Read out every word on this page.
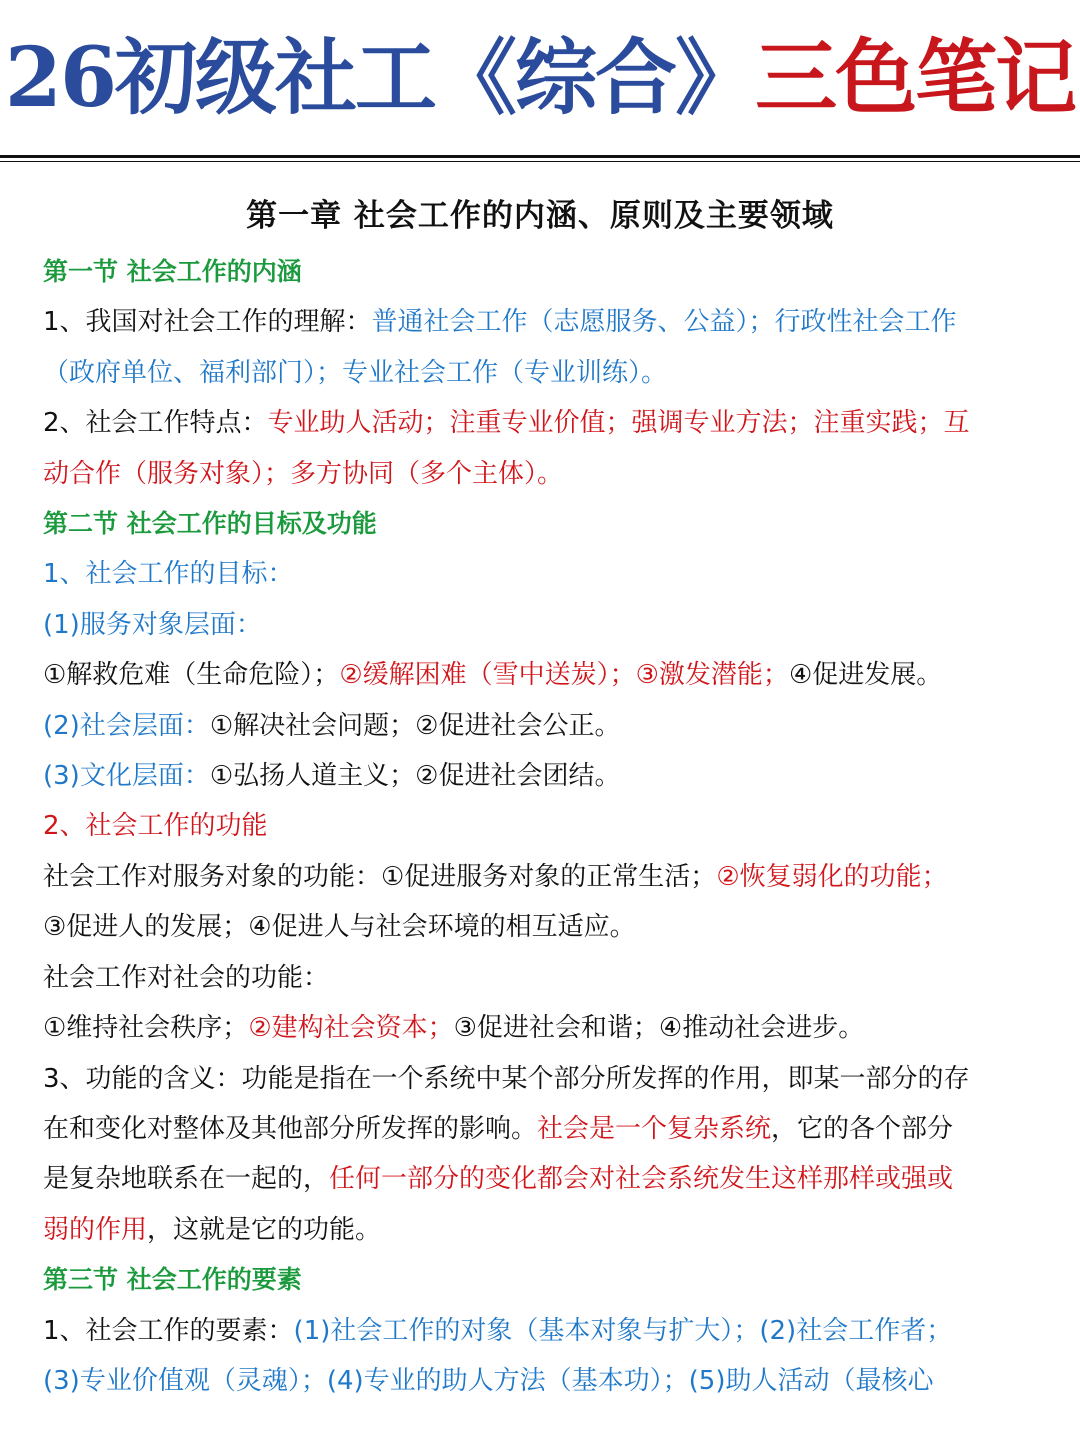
26初级社工《综合》三色笔记
第一章 社会工作的内涵、原则及主要领域
第一节 社会工作的内涵
1、我国对社会工作的理解：普通社会工作（志愿服务、公益）；行政性社会工作
（政府单位、福利部门）；专业社会工作（专业训练）。
2、社会工作特点：专业助人活动；注重专业价值；强调专业方法；注重实践；互
动合作（服务对象）；多方协同（多个主体）。
第二节 社会工作的目标及功能
1、社会工作的目标：
(1)服务对象层面：
①解救危难（生命危险）；②缓解困难（雪中送炭）；③激发潜能；④促进发展。
(2)社会层面：①解决社会问题；②促进社会公正。
(3)文化层面：①弘扬人道主义；②促进社会团结。
2、社会工作的功能
社会工作对服务对象的功能：①促进服务对象的正常生活；②恢复弱化的功能；
③促进人的发展；④促进人与社会环境的相互适应。
社会工作对社会的功能：
①维持社会秩序；②建构社会资本；③促进社会和谐；④推动社会进步。
3、功能的含义：功能是指在一个系统中某个部分所发挥的作用，即某一部分的存
在和变化对整体及其他部分所发挥的影响。社会是一个复杂系统，它的各个部分
是复杂地联系在一起的，任何一部分的变化都会对社会系统发生这样那样或强或
弱的作用，这就是它的功能。
第三节 社会工作的要素
1、社会工作的要素：(1)社会工作的对象（基本对象与扩大）；(2)社会工作者；
(3)专业价值观（灵魂）；(4)专业的助人方法（基本功）；(5)助人活动（最核心
